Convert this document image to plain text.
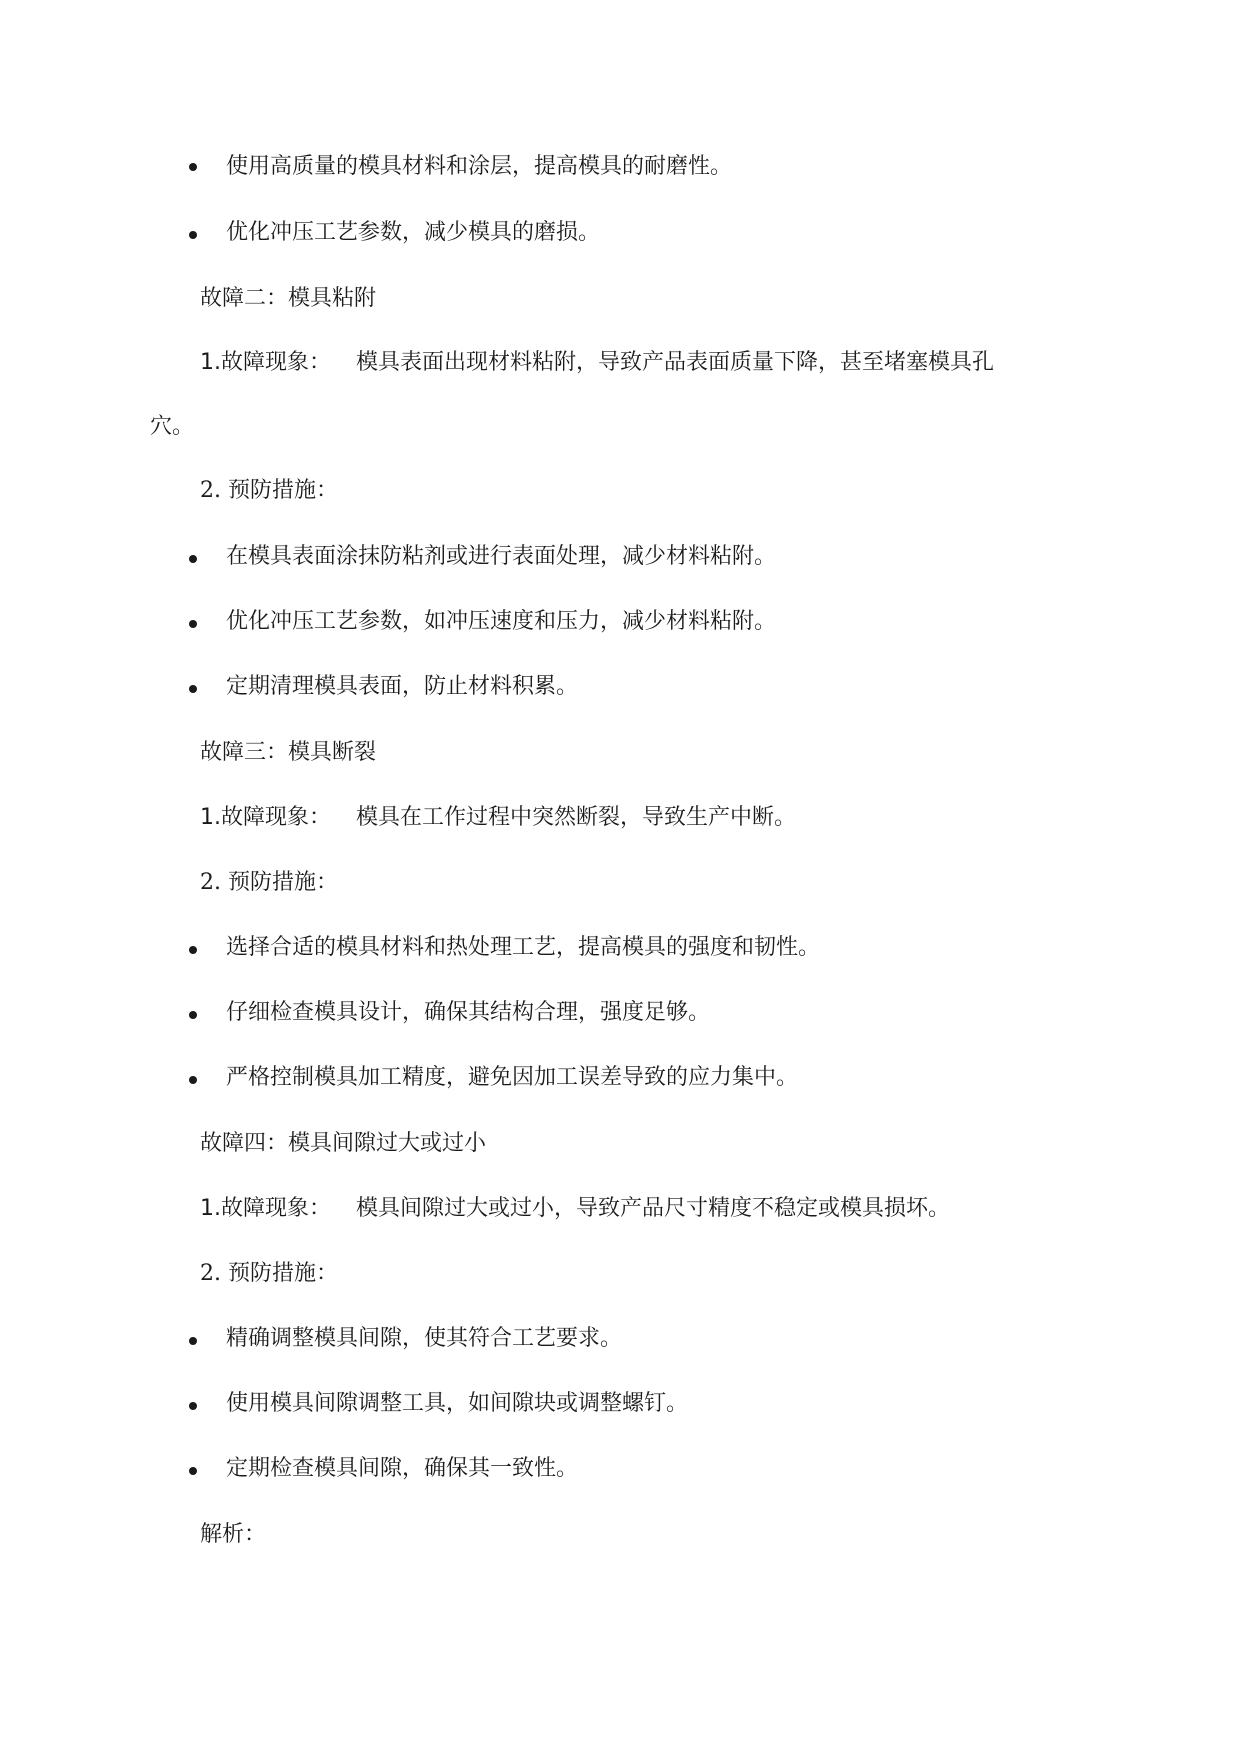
使用高质量的模具材料和涂层，提高模具的耐磨性。
优化冲压工艺参数，减少模具的磨损。
故障二：模具粘附
1.故障现象： 模具表面出现材料粘附，导致产品表面质量下降，甚至堵塞模具孔
穴。
2. 预防措施：
在模具表面涂抹防粘剂或进行表面处理，减少材料粘附。
优化冲压工艺参数，如冲压速度和压力，减少材料粘附。
定期清理模具表面，防止材料积累。
故障三：模具断裂
1.故障现象： 模具在工作过程中突然断裂，导致生产中断。
2. 预防措施：
选择合适的模具材料和热处理工艺，提高模具的强度和韧性。
仔细检查模具设计，确保其结构合理，强度足够。
严格控制模具加工精度，避免因加工误差导致的应力集中。
故障四：模具间隙过大或过小
1.故障现象： 模具间隙过大或过小，导致产品尺寸精度不稳定或模具损坏。
2. 预防措施：
精确调整模具间隙，使其符合工艺要求。
使用模具间隙调整工具，如间隙块或调整螺钉。
定期检查模具间隙，确保其一致性。
解析：
